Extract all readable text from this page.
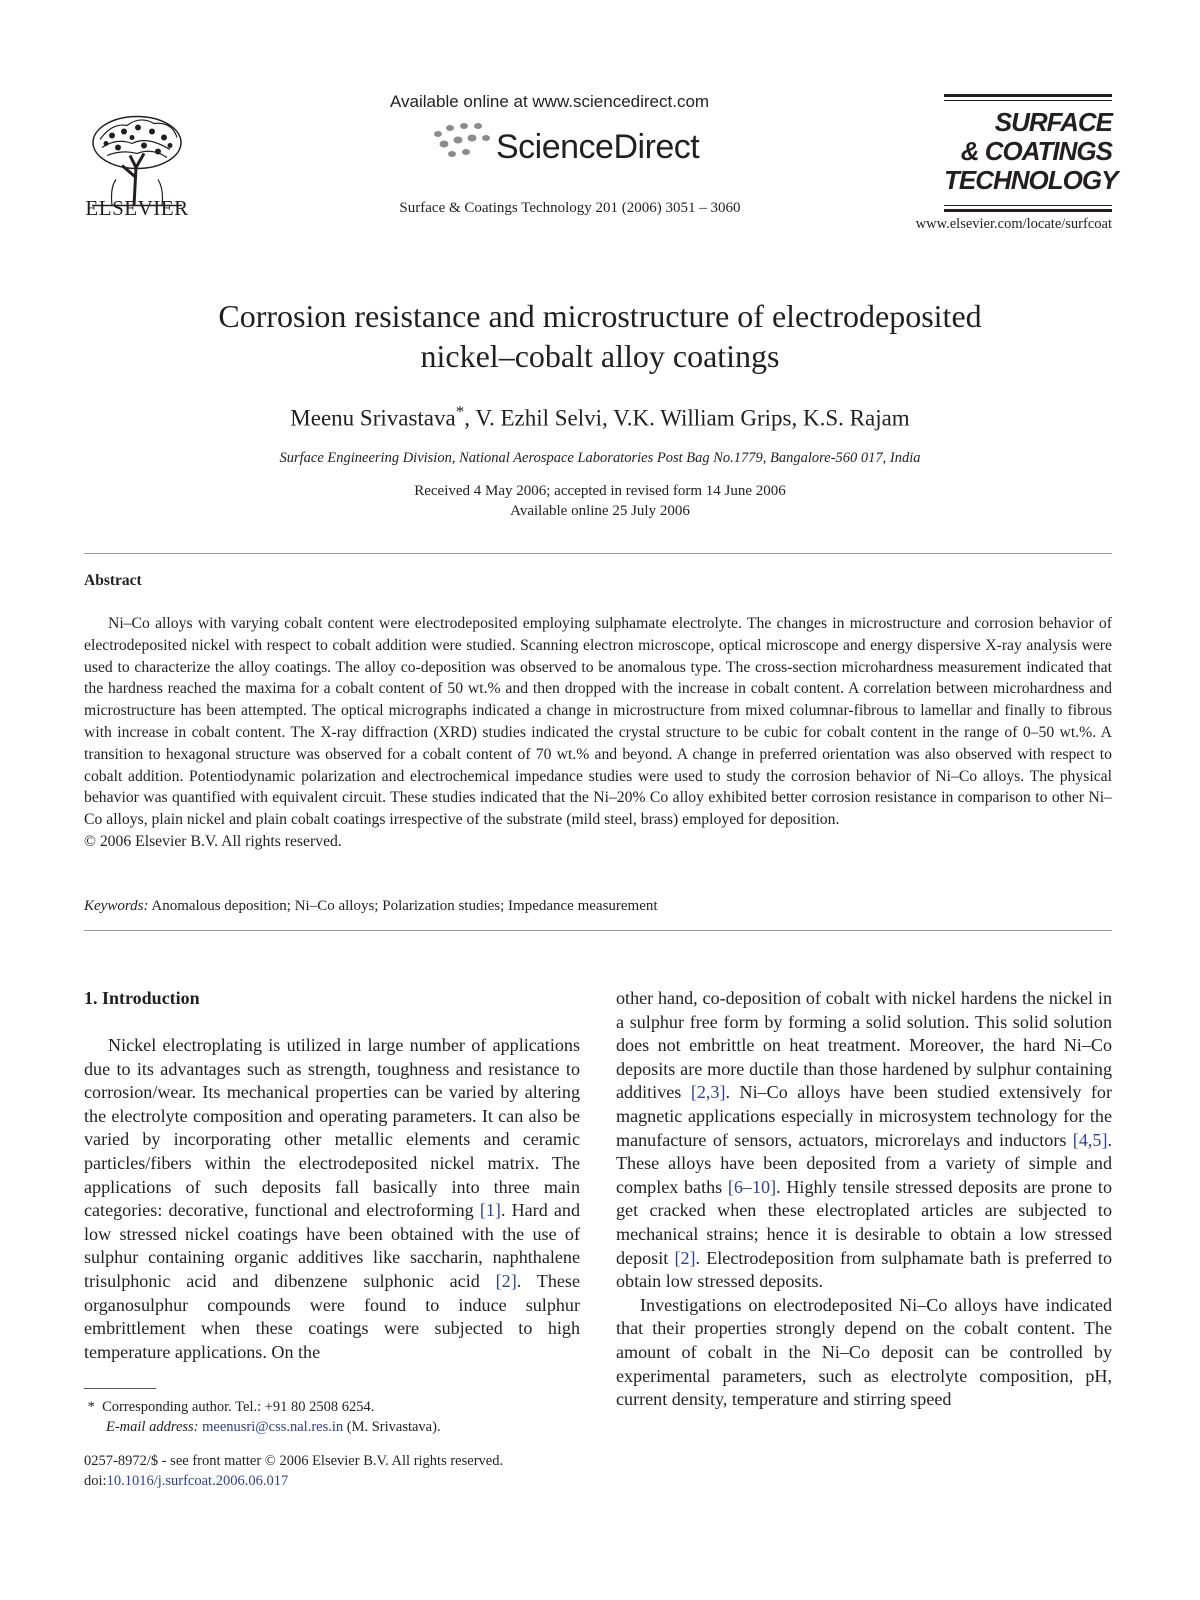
ELSEVIER
Available online at www.sciencedirect.com
ScienceDirect
Surface & Coatings Technology 201 (2006) 3051 – 3060
SURFACE
& COATINGS
TECHNOLOGY
www.elsevier.com/locate/surfcoat
Corrosion resistance and microstructure of electrodeposited
nickel–cobalt alloy coatings
Meenu Srivastava*, V. Ezhil Selvi, V.K. William Grips, K.S. Rajam
Surface Engineering Division, National Aerospace Laboratories Post Bag No.1779, Bangalore-560 017, India
Received 4 May 2006; accepted in revised form 14 June 2006
Available online 25 July 2006
Abstract

Ni–Co alloys with varying cobalt content were electrodeposited employing sulphamate electrolyte. The changes in microstructure and corrosion behavior of electrodeposited nickel with respect to cobalt addition were studied. Scanning electron microscope, optical microscope and energy dispersive X-ray analysis were used to characterize the alloy coatings. The alloy co-deposition was observed to be anomalous type. The cross-section microhardness measurement indicated that the hardness reached the maxima for a cobalt content of 50 wt.% and then dropped with the increase in cobalt content. A correlation between microhardness and microstructure has been attempted. The optical micrographs indicated a change in microstructure from mixed columnar-fibrous to lamellar and finally to fibrous with increase in cobalt content. The X-ray diffraction (XRD) studies indicated the crystal structure to be cubic for cobalt content in the range of 0–50 wt.%. A transition to hexagonal structure was observed for a cobalt content of 70 wt.% and beyond. A change in preferred orientation was also observed with respect to cobalt addition. Potentiodynamic polarization and electrochemical impedance studies were used to study the corrosion behavior of Ni–Co alloys. The physical behavior was quantified with equivalent circuit. These studies indicated that the Ni–20% Co alloy exhibited better corrosion resistance in comparison to other Ni–Co alloys, plain nickel and plain cobalt coatings irrespective of the substrate (mild steel, brass) employed for deposition.

© 2006 Elsevier B.V. All rights reserved.
Keywords: Anomalous deposition; Ni–Co alloys; Polarization studies; Impedance measurement
1. Introduction

Nickel electroplating is utilized in large number of applications due to its advantages such as strength, toughness and resistance to corrosion/wear. Its mechanical properties can be varied by altering the electrolyte composition and operating parameters. It can also be varied by incorporating other metallic elements and ceramic particles/fibers within the electrodeposited nickel matrix. The applications of such deposits fall basically into three main categories: decorative, functional and electroforming [1]. Hard and low stressed nickel coatings have been obtained with the use of sulphur containing organic additives like saccharin, naphthalene trisulphonic acid and dibenzene sulphonic acid [2]. These organosulphur compounds were found to induce sulphur embrittlement when these coatings were subjected to high temperature applications. On the

other hand, co-deposition of cobalt with nickel hardens the nickel in a sulphur free form by forming a solid solution. This solid solution does not embrittle on heat treatment. Moreover, the hard Ni–Co deposits are more ductile than those hardened by sulphur containing additives [2,3]. Ni–Co alloys have been studied extensively for magnetic applications especially in microsystem technology for the manufacture of sensors, actuators, microrelays and inductors [4,5]. These alloys have been deposited from a variety of simple and complex baths [6–10]. Highly tensile stressed deposits are prone to get cracked when these electroplated articles are subjected to mechanical strains; hence it is desirable to obtain a low stressed deposit [2]. Electrodeposition from sulphamate bath is preferred to obtain low stressed deposits.

Investigations on electrodeposited Ni–Co alloys have indicated that their properties strongly depend on the cobalt content. The amount of cobalt in the Ni–Co deposit can be controlled by experimental parameters, such as electrolyte composition, pH, current density, temperature and stirring speed

* Corresponding author. Tel.: +91 80 2508 6254.
E-mail address: meenusri@css.nal.res.in (M. Srivastava).
0257-8972/$ - see front matter © 2006 Elsevier B.V. All rights reserved.
doi:10.1016/j.surfcoat.2006.06.017
